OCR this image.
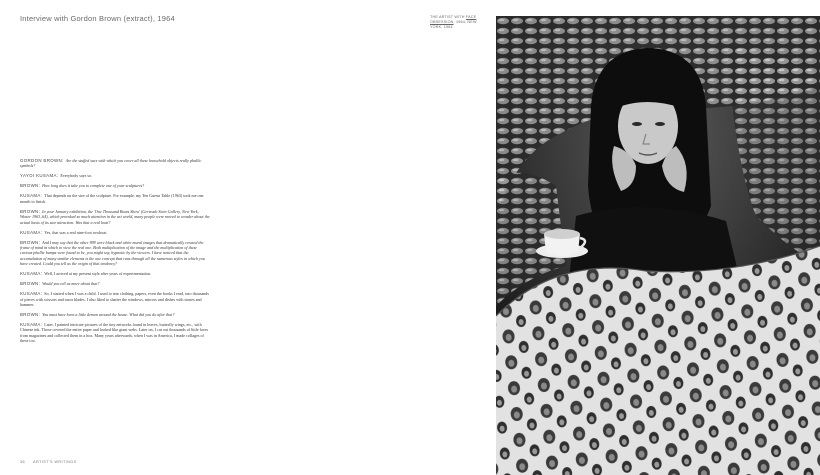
Interview with Gordon Brown (extract), 1964

GORDON BROWN: Are the stuffed sacs with which you cover all these household objects really phallic symbols?

YAYOI KUSAMA: Everybody says so.

BROWN: How long does it take you to complete one of your sculptures?

KUSAMA: That depends on the size of the sculpture. For example, my Ten Guests Table (1963) took me one month to finish.

BROWN: In your January exhibition, the 'One Thousand Boats Show' (Gertrude Stein Gallery, New York, Winter 1963–64), which provoked so much attention in the art world, many people were moved to wonder about the actual basis of its star attraction. Was that a real boat?

KUSAMA: Yes, that was a real nine-foot rowboat.

BROWN: And I may say that the other 999 were black and white mural images that dramatically created the frame of mind in which to view the real one. Both multiplication of the image and the multiplication of these curious phallic bumps were found to be, you might say, hypnotic by the viewers. I have noticed that the accumulation of many similar elements is the one concept that runs through all the numerous styles in which you have created. Could you tell us the origin of that tendency?

KUSAMA: Well, I arrived at my present style after years of experimentation.

BROWN: Would you tell us more about that?

KUSAMA: So, I started when I was a child. I used to tear clothing, papers, even the books I read, into thousands of pieces with scissors and razor blades. I also liked to shatter the windows, mirrors and dishes with stones and hammer.

BROWN: You must have been a little demon around the house. What did you do after that?

KUSAMA: Later, I painted intricate pictures of the tiny networks found in leaves, butterfly wings, etc., with Chinese ink. Those covered the entire paper and looked like giant webs. Later on, I cut out thousands of little faces from magazines and collected them in a box. Many years afterwards, when I was in America, I made collages of these too.

36 ARTIST'S WRITINGS
THE ARTIST WITH FACE OBSESSION, 1964, NEW YORK, 1964
